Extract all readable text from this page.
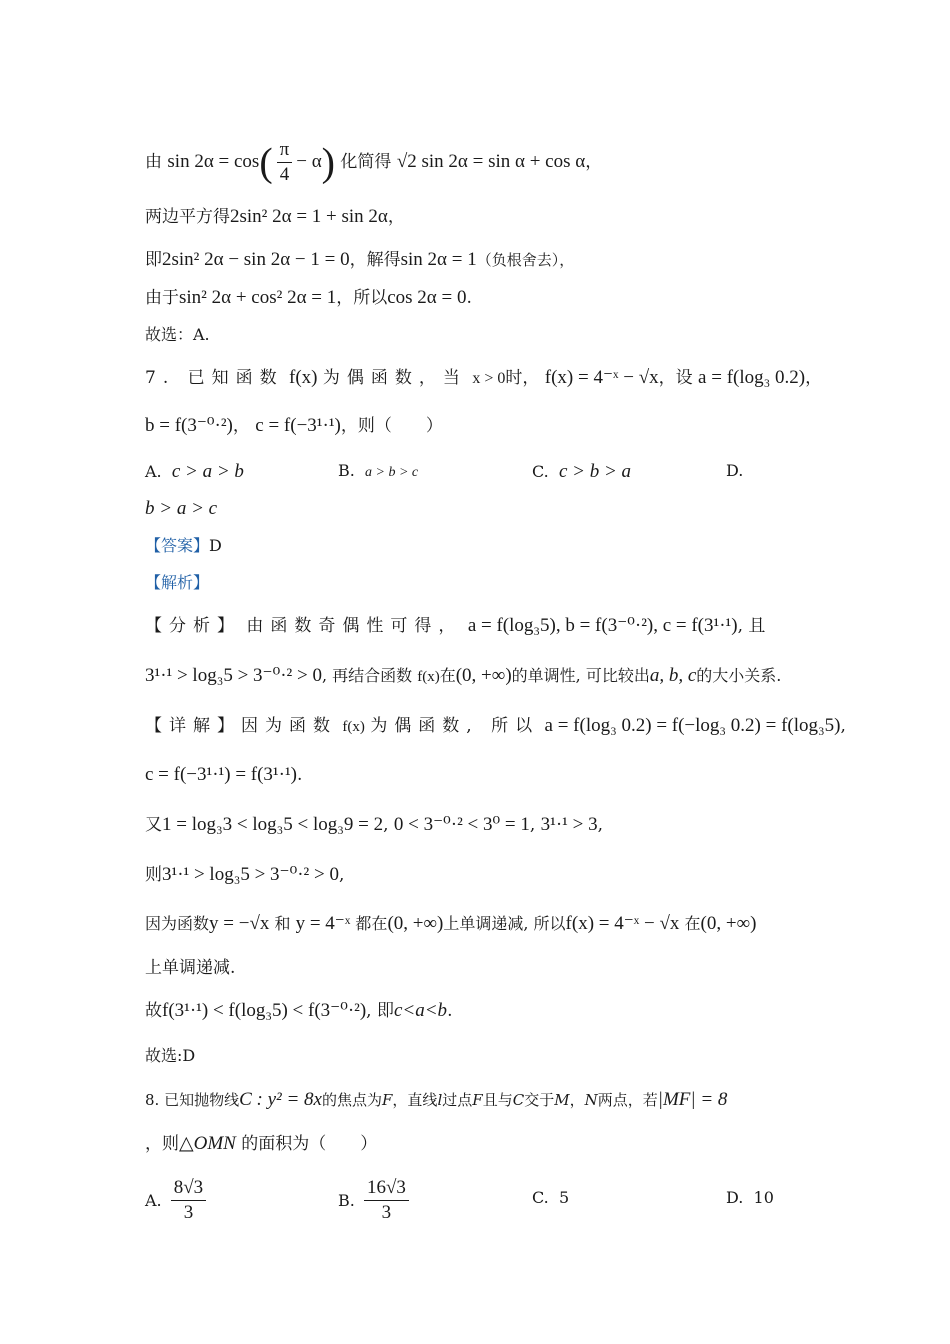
由 $\sin 2\alpha = \cos( \frac{\pi}{4} - \alpha)$ 化简得 √2 sin 2α = sin α + cos α，
两边平方得2sin² 2α = 1 + sin 2α，
即2sin² 2α − sin 2α − 1 = 0，解得sin 2α = 1（负根舍去），
由于sin² 2α + cos² 2α = 1，所以cos 2α = 0.
故选：A.
7. 已知函数 f(x) 为偶函数，当 x > 0时， f(x) = 4⁻ˣ − √x，设 a = f(log₃ 0.2)，
b = f(3⁻⁰·²)， c = f(−3¹·¹)，则（　　）
A. c > a > b	B. a > b > c	C. c > b > a	D.
b > a > c
【答案】D
【解析】
【分析】 由函数奇偶性可得， a = f(log₃5), b = f(3⁻⁰·²), c = f(3¹·¹), 且
3¹·¹ > log₃5 > 3⁻⁰·² > 0, 再结合函数 f(x)在(0, +∞)的单调性, 可比较出a, b, c的大小关系.
【详解】因为函数 f(x) 为偶函数, 所以 a = f(log₃ 0.2) = f(−log₃ 0.2) = f(log₃5),
c = f(−3¹·¹) = f(3¹·¹).
又1 = log₃3 < log₃5 < log₃9 = 2, 0 < 3⁻⁰·² < 3⁰ = 1, 3¹·¹ > 3,
则3¹·¹ > log₃5 > 3⁻⁰·² > 0,
因为函数y = −√x 和 y = 4⁻ˣ 都在(0, +∞)上单调递减, 所以f(x) = 4⁻ˣ − √x 在(0, +∞)
上单调递减.
故f(3¹·¹) < f(log₃5) < f(3⁻⁰·²), 即c<a<b.
故选:D
8. 已知抛物线C : y² = 8x的焦点为F，直线l过点F且与C交于M，N两点，若|MF| = 8
，则△OMN 的面积为（　　）
A. $\frac{8√3}{3}$	B. $\frac{16√3}{3}$	C. 5	D. 10
